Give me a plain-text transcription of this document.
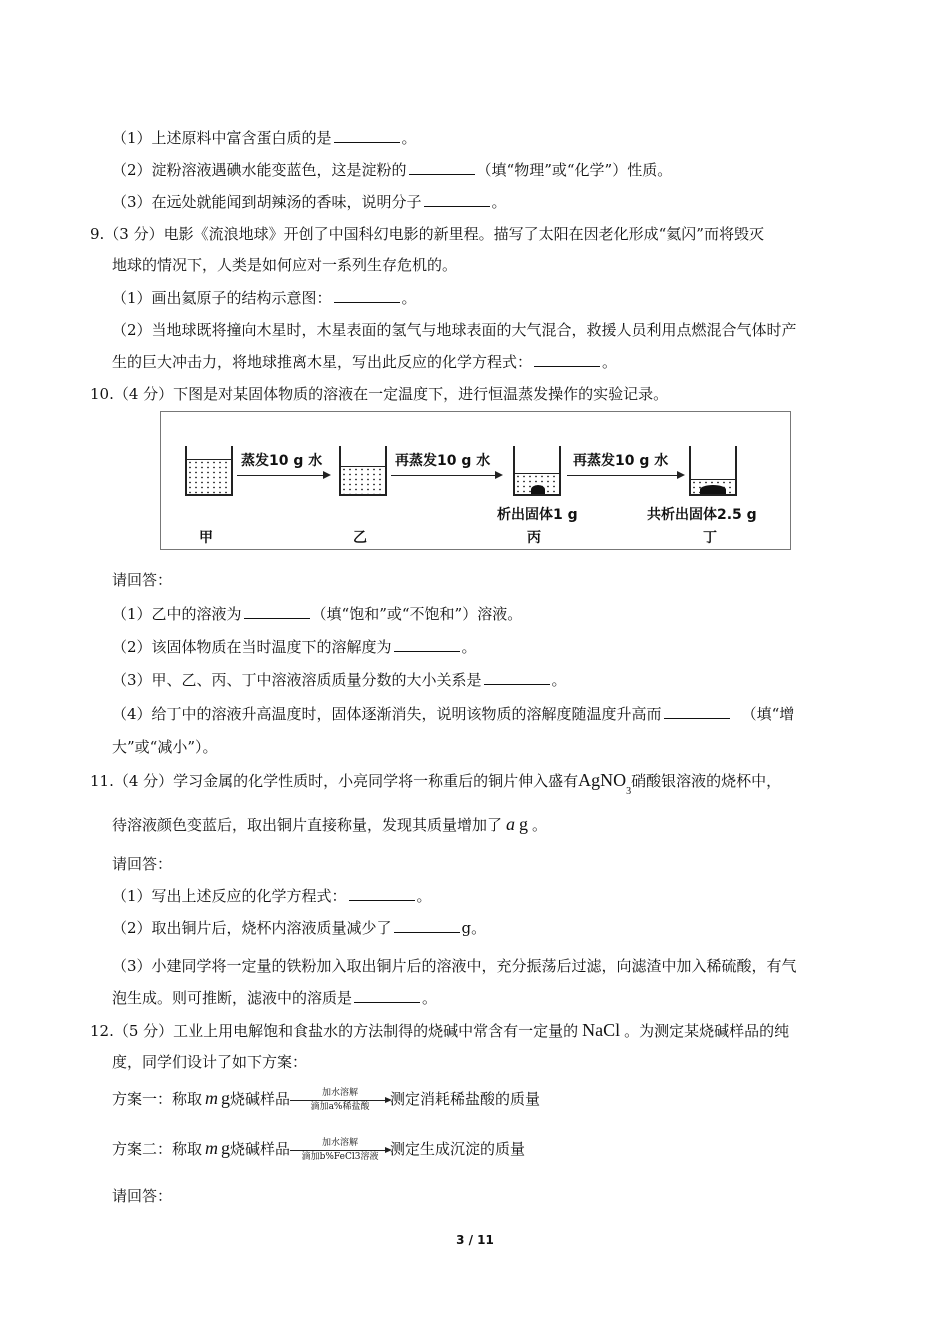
（1）上述原料中富含蛋白质的是	。
（2）淀粉溶液遇碘水能变蓝色，这是淀粉的	（填“物理”或“化学”）性质。
（3）在远处就能闻到胡辣汤的香味，说明分子	。
9.（3 分）电影《流浪地球》开创了中国科幻电影的新里程。描写了太阳在因老化形成“氦闪”而将毁灭
地球的情况下，人类是如何应对一系列生存危机的。
（1）画出氦原子的结构示意图：	。
（2）当地球既将撞向木星时，木星表面的氢气与地球表面的大气混合，救援人员利用点燃混合气体时产
生的巨大冲击力，将地球推离木星，写出此反应的化学方程式：	。
10.（4 分）下图是对某固体物质的溶液在一定温度下，进行恒温蒸发操作的实验记录。
蒸发10 g 水	再蒸发10 g 水	再蒸发10 g 水
析出固体1 g	共析出固体2.5 g
甲	乙	丙	丁
请回答：
（1）乙中的溶液为	（填“饱和”或“不饱和”）溶液。
（2）该固体物质在当时温度下的溶解度为	。
（3）甲、乙、丙、丁中溶液溶质质量分数的大小关系是	。
（4）给丁中的溶液升高温度时，固体逐渐消失，说明该物质的溶解度随温度升高而	（填“增
大”或“减小”）。
11.（4 分）学习金属的化学性质时，小亮同学将一称重后的铜片伸入盛有AgNO$_3$硝酸银溶液的烧杯中，
待溶液颜色变蓝后，取出铜片直接称量，发现其质量增加了 a g 。
请回答：
（1）写出上述反应的化学方程式：	。
（2）取出铜片后，烧杯内溶液质量减少了	g。
（3）小建同学将一定量的铁粉加入取出铜片后的溶液中，充分振荡后过滤，向滤渣中加入稀硫酸，有气
泡生成。则可推断，滤液中的溶质是	。
12.（5 分）工业上用电解饱和食盐水的方法制得的烧碱中常含有一定量的 NaCl 。为测定某烧碱样品的纯
度，同学们设计了如下方案：
方案一：称取 m g烧碱样品	加水溶解
滴加a%稀盐酸	测定消耗稀盐酸的质量
方案二：称取 m g烧碱样品	加水溶解
滴加b%FeCl3溶液 测定生成沉淀的质量
请回答：
3 / 11
